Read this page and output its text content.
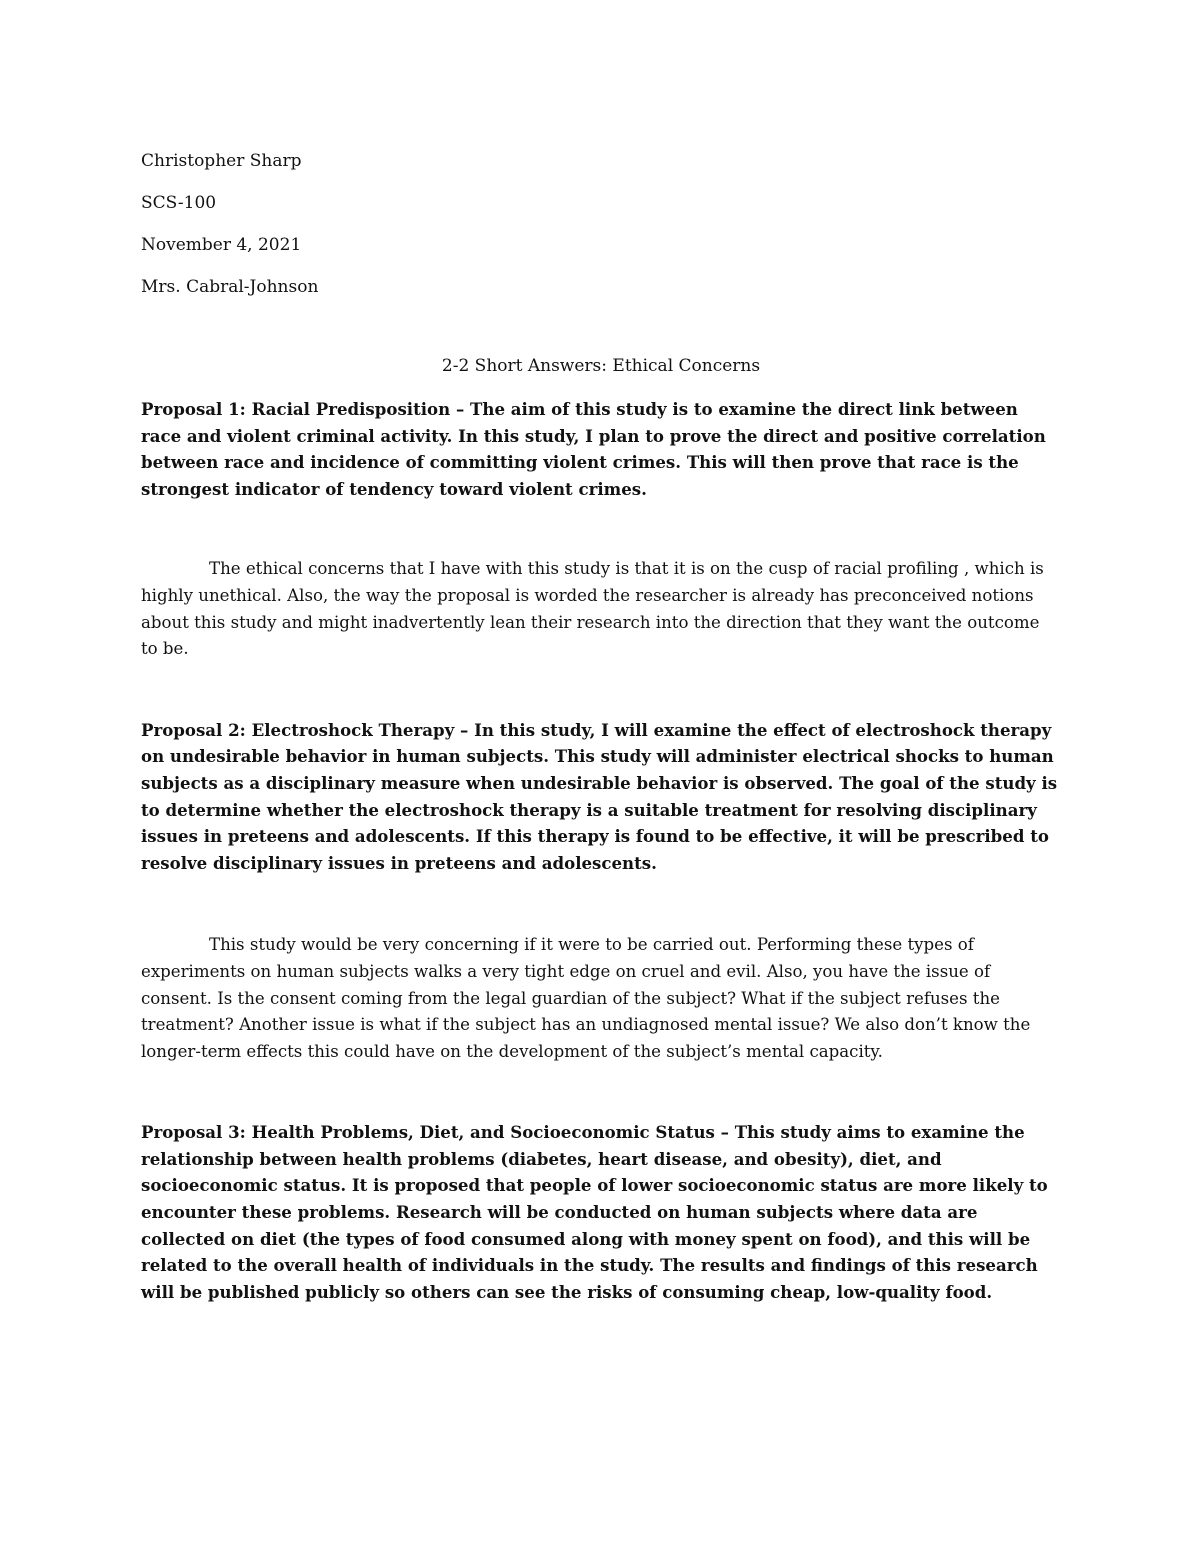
Christopher Sharp
SCS-100
November 4, 2021
Mrs. Cabral-Johnson
2-2 Short Answers: Ethical Concerns

Proposal 1: Racial Predisposition – The aim of this study is to examine the direct link between race and violent criminal activity. In this study, I plan to prove the direct and positive correlation between race and incidence of committing violent crimes. This will then prove that race is the strongest indicator of tendency toward violent crimes.

The ethical concerns that I have with this study is that it is on the cusp of racial profiling , which is highly unethical. Also, the way the proposal is worded the researcher is already has preconceived notions about this study and might inadvertently lean their research into the direction that they want the outcome to be.

Proposal 2: Electroshock Therapy – In this study, I will examine the effect of electroshock therapy on undesirable behavior in human subjects. This study will administer electrical shocks to human subjects as a disciplinary measure when undesirable behavior is observed. The goal of the study is to determine whether the electroshock therapy is a suitable treatment for resolving disciplinary issues in preteens and adolescents. If this therapy is found to be effective, it will be prescribed to resolve disciplinary issues in preteens and adolescents.

This study would be very concerning if it were to be carried out. Performing these types of experiments on human subjects walks a very tight edge on cruel and evil. Also, you have the issue of consent. Is the consent coming from the legal guardian of the subject? What if the subject refuses the treatment? Another issue is what if the subject has an undiagnosed mental issue? We also don’t know the longer-term effects this could have on the development of the subject’s mental capacity.

Proposal 3: Health Problems, Diet, and Socioeconomic Status – This study aims to examine the relationship between health problems (diabetes, heart disease, and obesity), diet, and socioeconomic status. It is proposed that people of lower socioeconomic status are more likely to encounter these problems. Research will be conducted on human subjects where data are collected on diet (the types of food consumed along with money spent on food), and this will be related to the overall health of individuals in the study. The results and findings of this research will be published publicly so others can see the risks of consuming cheap, low-quality food.
